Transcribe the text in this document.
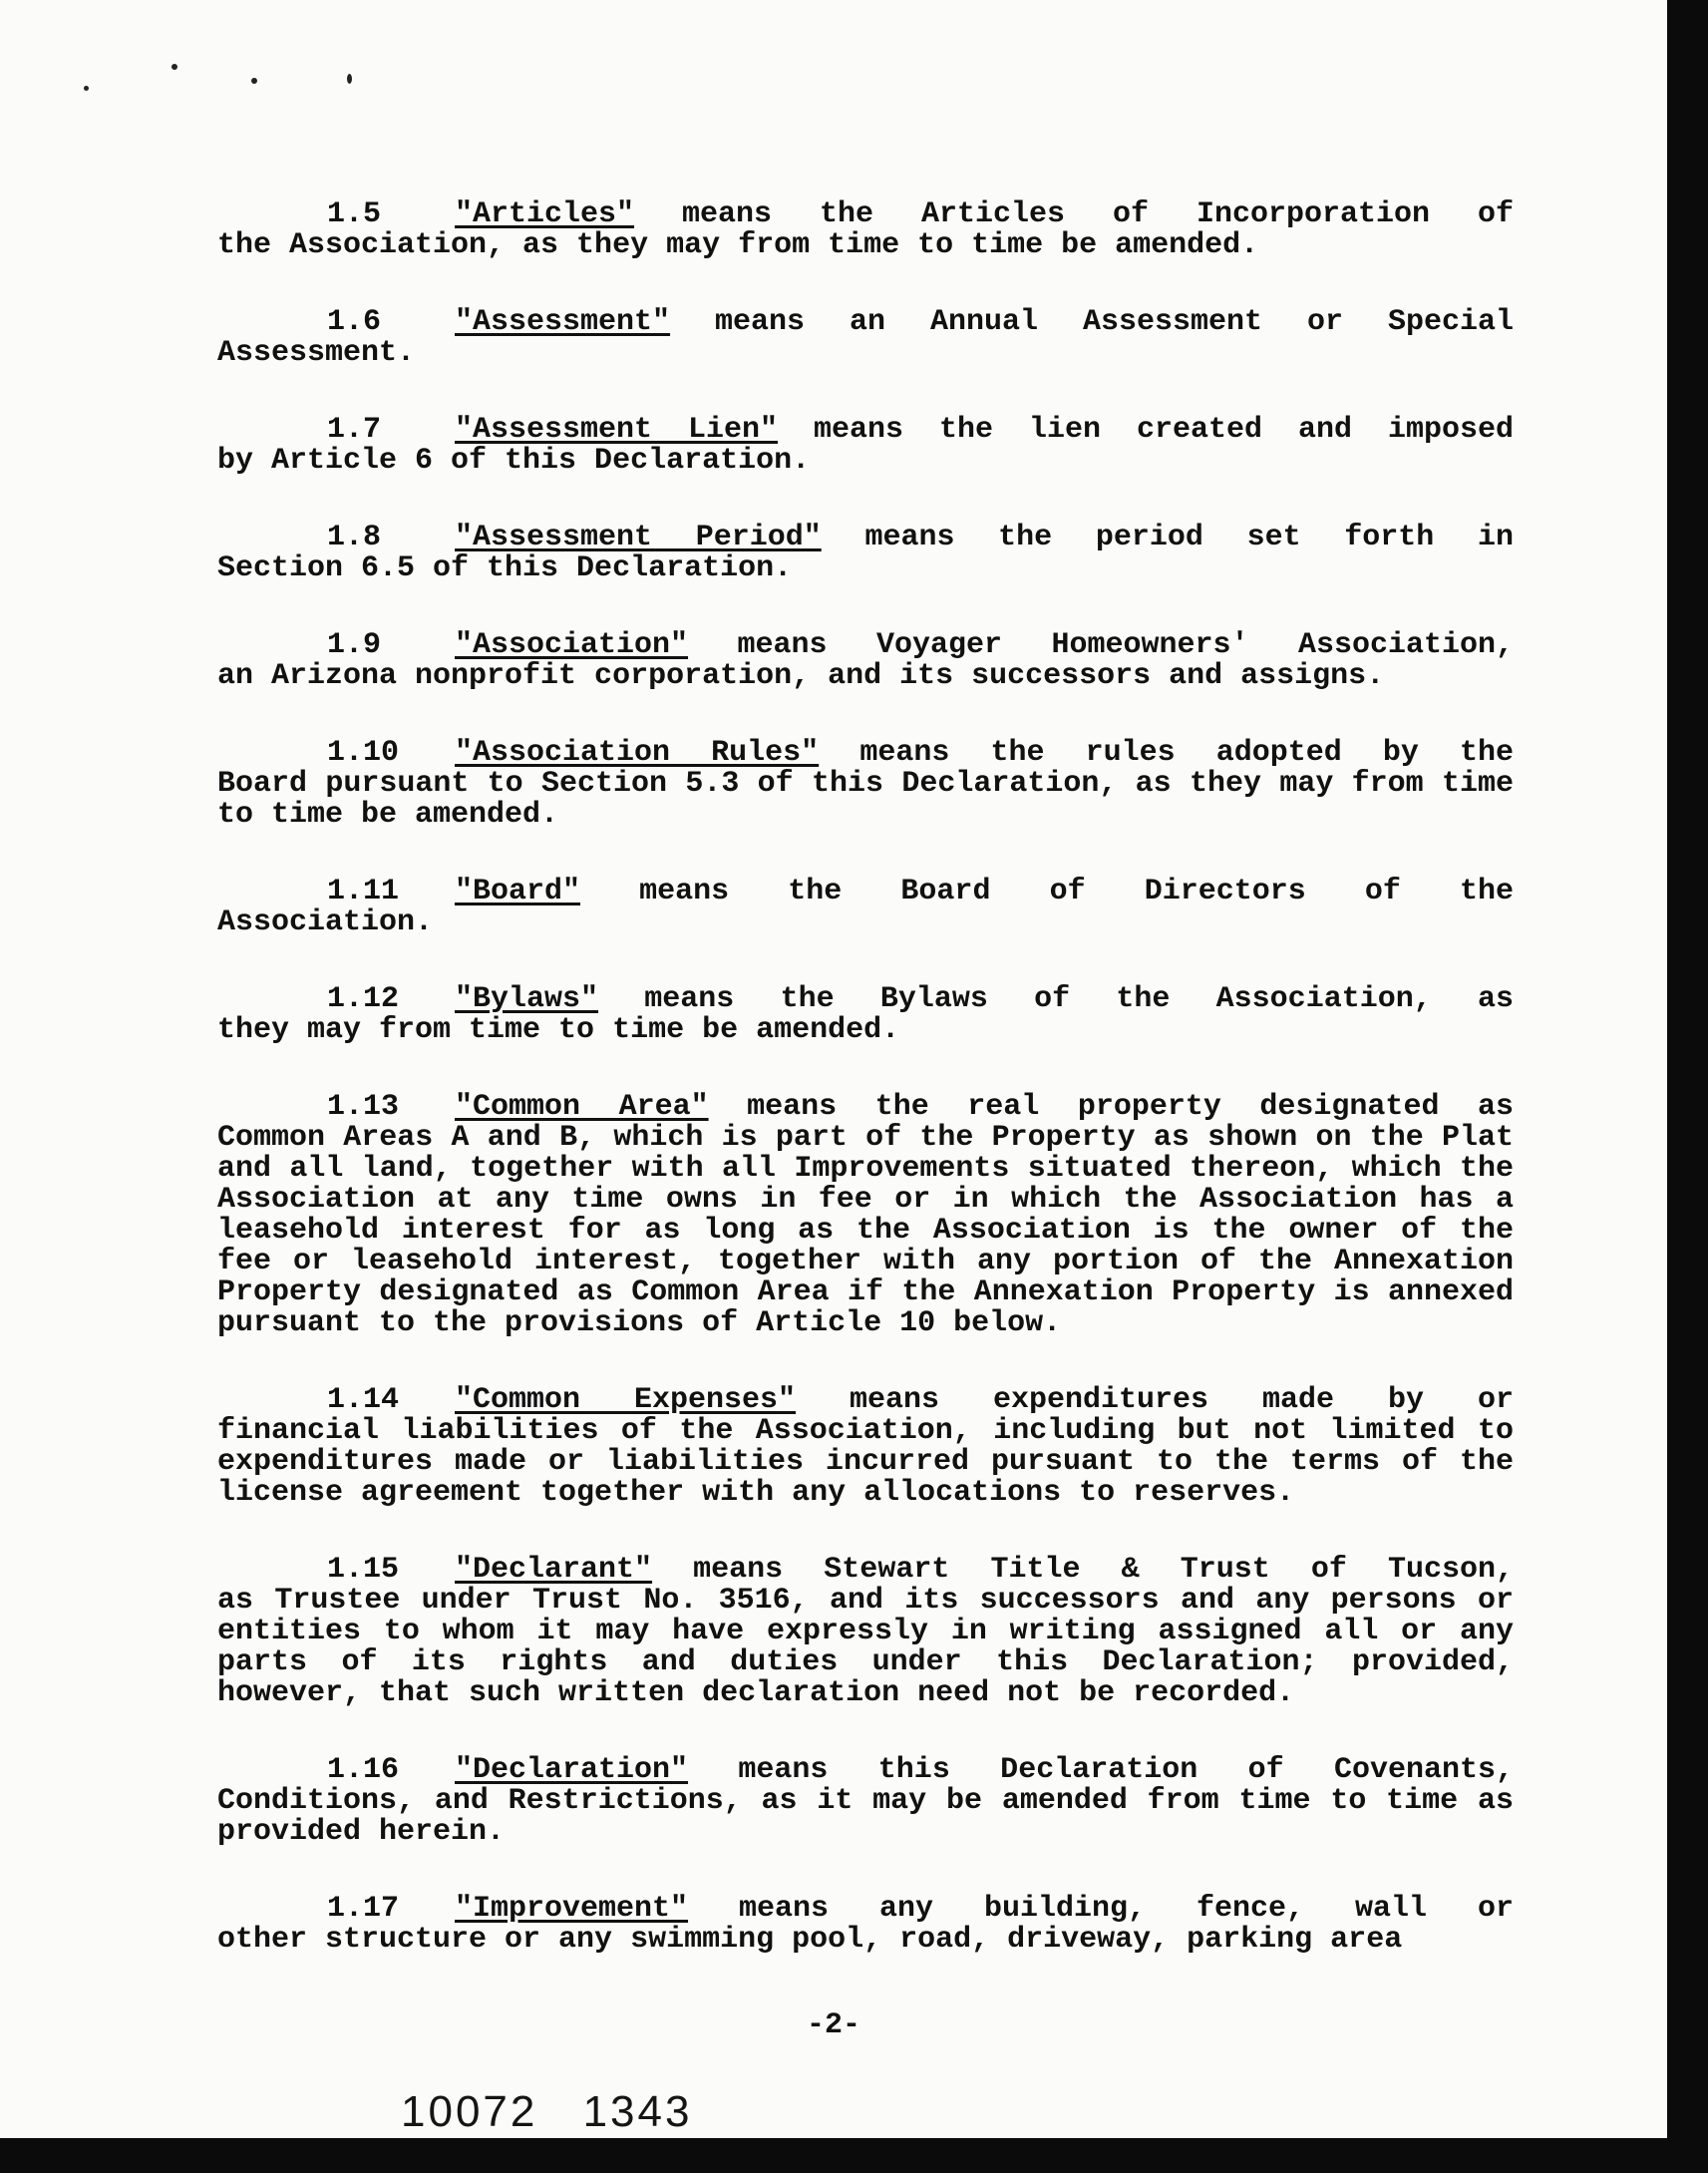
1.5 "Articles" means the Articles of Incorporation of
the Association, as they may from time to time be amended.

1.6 "Assessment" means an Annual Assessment or Special
Assessment.

1.7 "Assessment Lien" means the lien created and imposed
by Article 6 of this Declaration.

1.8 "Assessment Period" means the period set forth in
Section 6.5 of this Declaration.

1.9 "Association" means Voyager Homeowners' Association,
an Arizona nonprofit corporation, and its successors and assigns.

1.10 "Association Rules" means the rules adopted by the
Board pursuant to Section 5.3 of this Declaration, as they may from time to time be amended.

1.11 "Board" means the Board of Directors of the
Association.

1.12 "Bylaws" means the Bylaws of the Association, as
they may from time to time be amended.

1.13 "Common Area" means the real property designated as
Common Areas A and B, which is part of the Property as shown on the Plat and all land, together with all Improvements situated thereon, which the Association at any time owns in fee or in which the Association has a leasehold interest for as long as the Association is the owner of the fee or leasehold interest, together with any portion of the Annexation Property designated as Common Area if the Annexation Property is annexed pursuant to the provisions of Article 10 below.

1.14 "Common Expenses" means expenditures made by or
financial liabilities of the Association, including but not limited to expenditures made or liabilities incurred pursuant to the terms of the license agreement together with any allocations to reserves.

1.15 "Declarant" means Stewart Title & Trust of Tucson,
as Trustee under Trust No. 3516, and its successors and any persons or entities to whom it may have expressly in writing assigned all or any parts of its rights and duties under this Declaration; provided, however, that such written declaration need not be recorded.

1.16 "Declaration" means this Declaration of Covenants,
Conditions, and Restrictions, as it may be amended from time to time as provided herein.

1.17 "Improvement" means any building, fence, wall or
other structure or any swimming pool, road, driveway, parking area

-2-
10072 1343
